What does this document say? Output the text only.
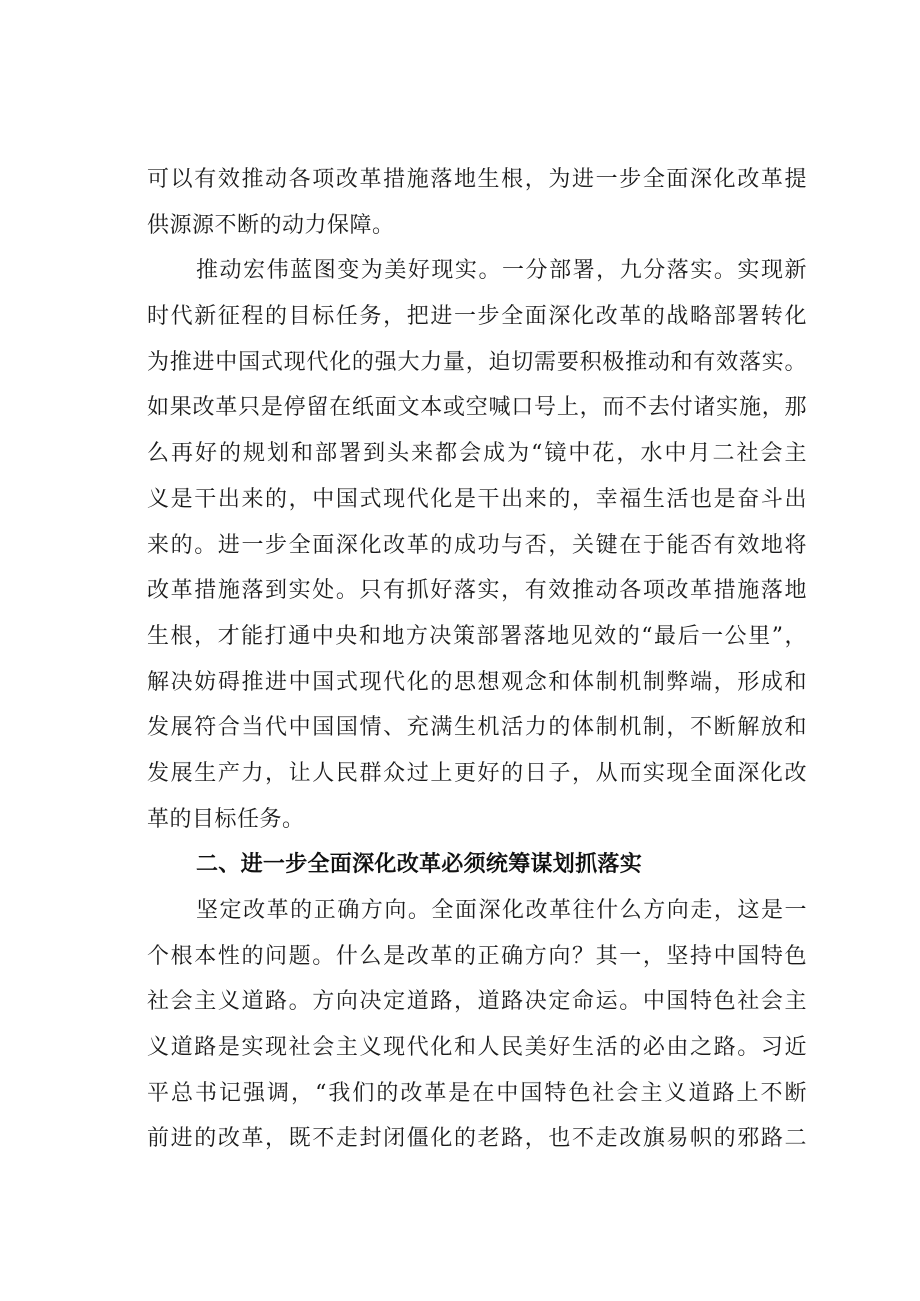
可以有效推动各项改革措施落地生根，为进一步全面深化改革提
供源源不断的动力保障。
推动宏伟蓝图变为美好现实。一分部署，九分落实。实现新
时代新征程的目标任务，把进一步全面深化改革的战略部署转化
为推进中国式现代化的强大力量，迫切需要积极推动和有效落实。
如果改革只是停留在纸面文本或空喊口号上，而不去付诸实施，那
么再好的规划和部署到头来都会成为“镜中花，水中月二社会主
义是干出来的，中国式现代化是干出来的，幸福生活也是奋斗出
来的。进一步全面深化改革的成功与否，关键在于能否有效地将
改革措施落到实处。只有抓好落实，有效推动各项改革措施落地
生根，才能打通中央和地方决策部署落地见效的“最后一公里”，
解决妨碍推进中国式现代化的思想观念和体制机制弊端，形成和
发展符合当代中国国情、充满生机活力的体制机制，不断解放和
发展生产力，让人民群众过上更好的日子，从而实现全面深化改
革的目标任务。
二、进一步全面深化改革必须统筹谋划抓落实
坚定改革的正确方向。全面深化改革往什么方向走，这是一
个根本性的问题。什么是改革的正确方向？其一，坚持中国特色
社会主义道路。方向决定道路，道路决定命运。中国特色社会主
义道路是实现社会主义现代化和人民美好生活的必由之路。习近
平总书记强调，“我们的改革是在中国特色社会主义道路上不断
前进的改革，既不走封闭僵化的老路，也不走改旗易帜的邪路二
